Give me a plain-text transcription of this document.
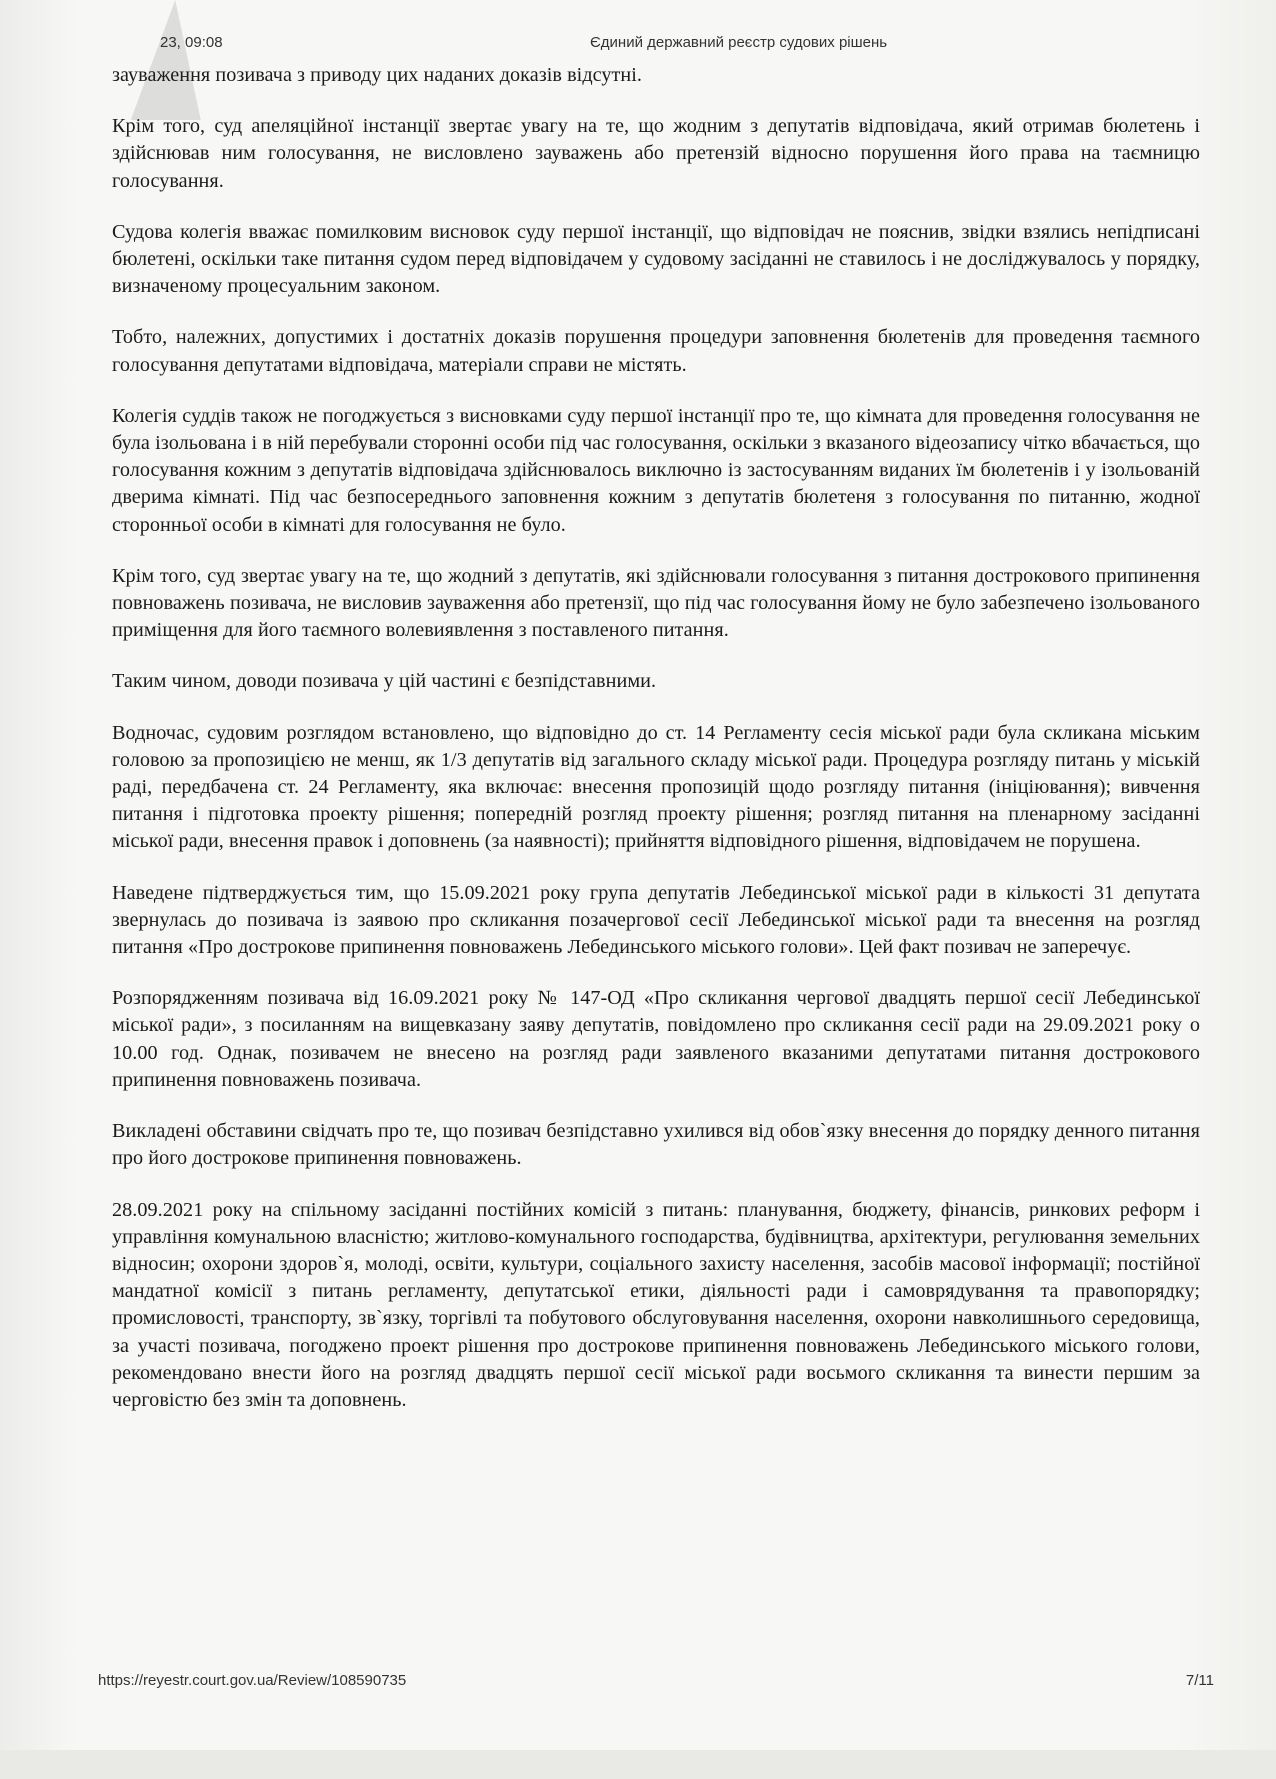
23, 09:08	Єдиний державний реєстр судових рішень

зауваження позивача з приводу цих наданих доказів відсутні.

Крім того, суд апеляційної інстанції звертає увагу на те, що жодним з депутатів відповідача, який отримав бюлетень і здійснював ним голосування, не висловлено зауважень або претензій відносно порушення його права на таємницю голосування.

Судова колегія вважає помилковим висновок суду першої інстанції, що відповідач не пояснив, звідки взялись непідписані бюлетені, оскільки таке питання судом перед відповідачем у судовому засіданні не ставилось і не досліджувалось у порядку, визначеному процесуальним законом.

Тобто, належних, допустимих і достатніх доказів порушення процедури заповнення бюлетенів для проведення таємного голосування депутатами відповідача, матеріали справи не містять.

Колегія суддів також не погоджується з висновками суду першої інстанції про те, що кімната для проведення голосування не була ізольована і в ній перебували сторонні особи під час голосування, оскільки з вказаного відеозапису чітко вбачається, що голосування кожним з депутатів відповідача здійснювалось виключно із застосуванням виданих їм бюлетенів і у ізольованій дверима кімнаті. Під час безпосереднього заповнення кожним з депутатів бюлетеня з голосування по питанню, жодної сторонньої особи в кімнаті для голосування не було.

Крім того, суд звертає увагу на те, що жодний з депутатів, які здійснювали голосування з питання дострокового припинення повноважень позивача, не висловив зауваження або претензії, що під час голосування йому не було забезпечено ізольованого приміщення для його таємного волевиявлення з поставленого питання.

Таким чином, доводи позивача у цій частині є безпідставними.

Водночас, судовим розглядом встановлено, що відповідно до ст. 14 Регламенту сесія міської ради була скликана міським головою за пропозицією не менш, як 1/3 депутатів від загального складу міської ради. Процедура розгляду питань у міській раді, передбачена ст. 24 Регламенту, яка включає: внесення пропозицій щодо розгляду питання (ініціювання); вивчення питання і підготовка проекту рішення; попередній розгляд проекту рішення; розгляд питання на пленарному засіданні міської ради, внесення правок і доповнень (за наявності); прийняття відповідного рішення, відповідачем не порушена.

Наведене підтверджується тим, що 15.09.2021 року група депутатів Лебединської міської ради в кількості 31 депутата звернулась до позивача із заявою про скликання позачергової сесії Лебединської міської ради та внесення на розгляд питання «Про дострокове припинення повноважень Лебединського міського голови». Цей факт позивач не заперечує.

Розпорядженням позивача від 16.09.2021 року № 147-ОД «Про скликання чергової двадцять першої сесії Лебединської міської ради», з посиланням на вищевказану заяву депутатів, повідомлено про скликання сесії ради на 29.09.2021 року о 10.00 год. Однак, позивачем не внесено на розгляд ради заявленого вказаними депутатами питання дострокового припинення повноважень позивача.

Викладені обставини свідчать про те, що позивач безпідставно ухилився від обов`язку внесення до порядку денного питання про його дострокове припинення повноважень.

28.09.2021 року на спільному засіданні постійних комісій з питань: планування, бюджету, фінансів, ринкових реформ і управління комунальною власністю; житлово-комунального господарства, будівництва, архітектури, регулювання земельних відносин; охорони здоров`я, молоді, освіти, культури, соціального захисту населення, засобів масової інформації; постійної мандатної комісії з питань регламенту, депутатської етики, діяльності ради і самоврядування та правопорядку; промисловості, транспорту, зв`язку, торгівлі та побутового обслуговування населення, охорони навколишнього середовища, за участі позивача, погоджено проект рішення про дострокове припинення повноважень Лебединського міського голови, рекомендовано внести його на розгляд двадцять першої сесії міської ради восьмого скликання та винести першим за черговістю без змін та доповнень.

https://reyestr.court.gov.ua/Review/108590735	7/11
